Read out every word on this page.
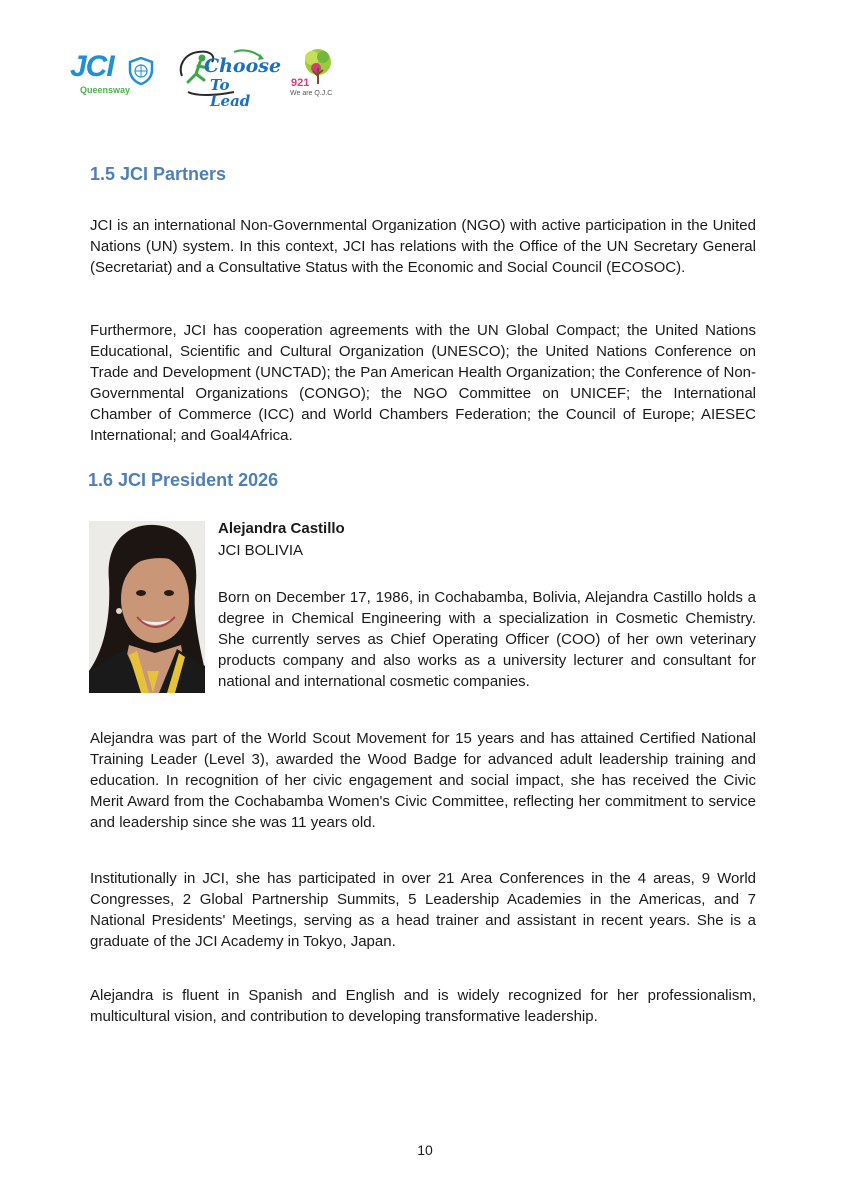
JCI
Queensway
Choose
To Lead
921
We are Q.J.C
1.5 JCI Partners

JCI is an international Non-Governmental Organization (NGO) with active participation in the United Nations (UN) system. In this context, JCI has relations with the Office of the UN Secretary General (Secretariat) and a Consultative Status with the Economic and Social Council (ECOSOC).

Furthermore, JCI has cooperation agreements with the UN Global Compact; the United Nations Educational, Scientific and Cultural Organization (UNESCO); the United Nations Conference on Trade and Development (UNCTAD); the Pan American Health Organization; the Conference of Non-Governmental Organizations (CONGO); the NGO Committee on UNICEF; the International Chamber of Commerce (ICC) and World Chambers Federation; the Council of Europe; AIESEC International; and Goal4Africa.

1.6 JCI President 2026

Alejandra Castillo

JCI BOLIVIA

Born on December 17, 1986, in Cochabamba, Bolivia, Alejandra Castillo holds a degree in Chemical Engineering with a specialization in Cosmetic Chemistry. She currently serves as Chief Operating Officer (COO) of her own veterinary products company and also works as a university lecturer and consultant for national and international cosmetic companies.

Alejandra was part of the World Scout Movement for 15 years and has attained Certified National Training Leader (Level 3), awarded the Wood Badge for advanced adult leadership training and education. In recognition of her civic engagement and social impact, she has received the Civic Merit Award from the Cochabamba Women's Civic Committee, reflecting her commitment to service and leadership since she was 11 years old.

Institutionally in JCI, she has participated in over 21 Area Conferences in the 4 areas, 9 World Congresses, 2 Global Partnership Summits, 5 Leadership Academies in the Americas, and 7 National Presidents' Meetings, serving as a head trainer and assistant in recent years. She is a graduate of the JCI Academy in Tokyo, Japan.

Alejandra is fluent in Spanish and English and is widely recognized for her professionalism, multicultural vision, and contribution to developing transformative leadership.

10
